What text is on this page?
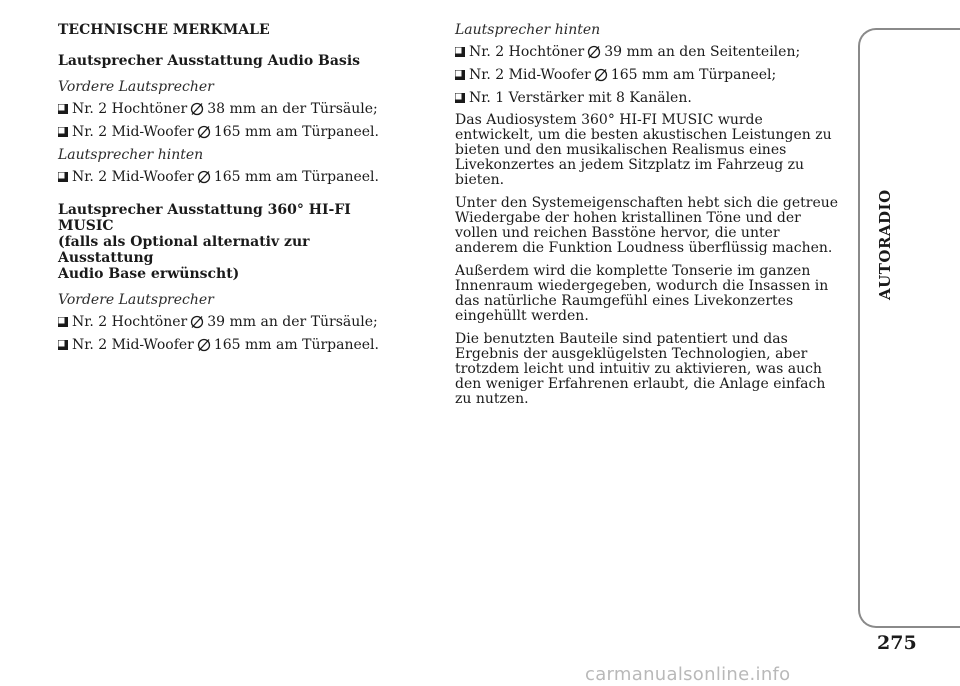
TECHNISCHE MERKMALE
Lautsprecher Ausstattung Audio Basis
Vordere Lautsprecher
Nr. 2 Hochtöner 38 mm an der Türsäule;
Nr. 2 Mid-Woofer 165 mm am Türpaneel.
Lautsprecher hinten
Nr. 2 Mid-Woofer 165 mm am Türpaneel.
Lautsprecher Ausstattung 360° HI-FI MUSIC
(falls als Optional alternativ zur Ausstattung
Audio Base erwünscht)
Vordere Lautsprecher
Nr. 2 Hochtöner 39 mm an der Türsäule;
Nr. 2 Mid-Woofer 165 mm am Türpaneel.
Lautsprecher hinten
Nr. 2 Hochtöner 39 mm an den Seitenteilen;
Nr. 2 Mid-Woofer 165 mm am Türpaneel;
Nr. 1 Verstärker mit 8 Kanälen.
Das Audiosystem 360° HI-FI MUSIC wurde entwickelt, um die besten akustischen Leistungen zu bieten und den musikalischen Realismus eines Livekonzertes an jedem Sitzplatz im Fahrzeug zu bieten.
Unter den Systemeigenschaften hebt sich die getreue Wiedergabe der hohen kristallinen Töne und der vollen und reichen Basstöne hervor, die unter anderem die Funktion Loudness überflüssig machen.
Außerdem wird die komplette Tonserie im ganzen Innenraum wiedergegeben, wodurch die Insassen in das natürliche Raumgefühl eines Livekonzertes eingehüllt werden.
Die benutzten Bauteile sind patentiert und das Ergebnis der ausgeklügelsten Technologien, aber trotzdem leicht und intuitiv zu aktivieren, was auch den weniger Erfahrenen erlaubt, die Anlage einfach zu nutzen.
AUTORADIO
275
carmanualsonline.info
